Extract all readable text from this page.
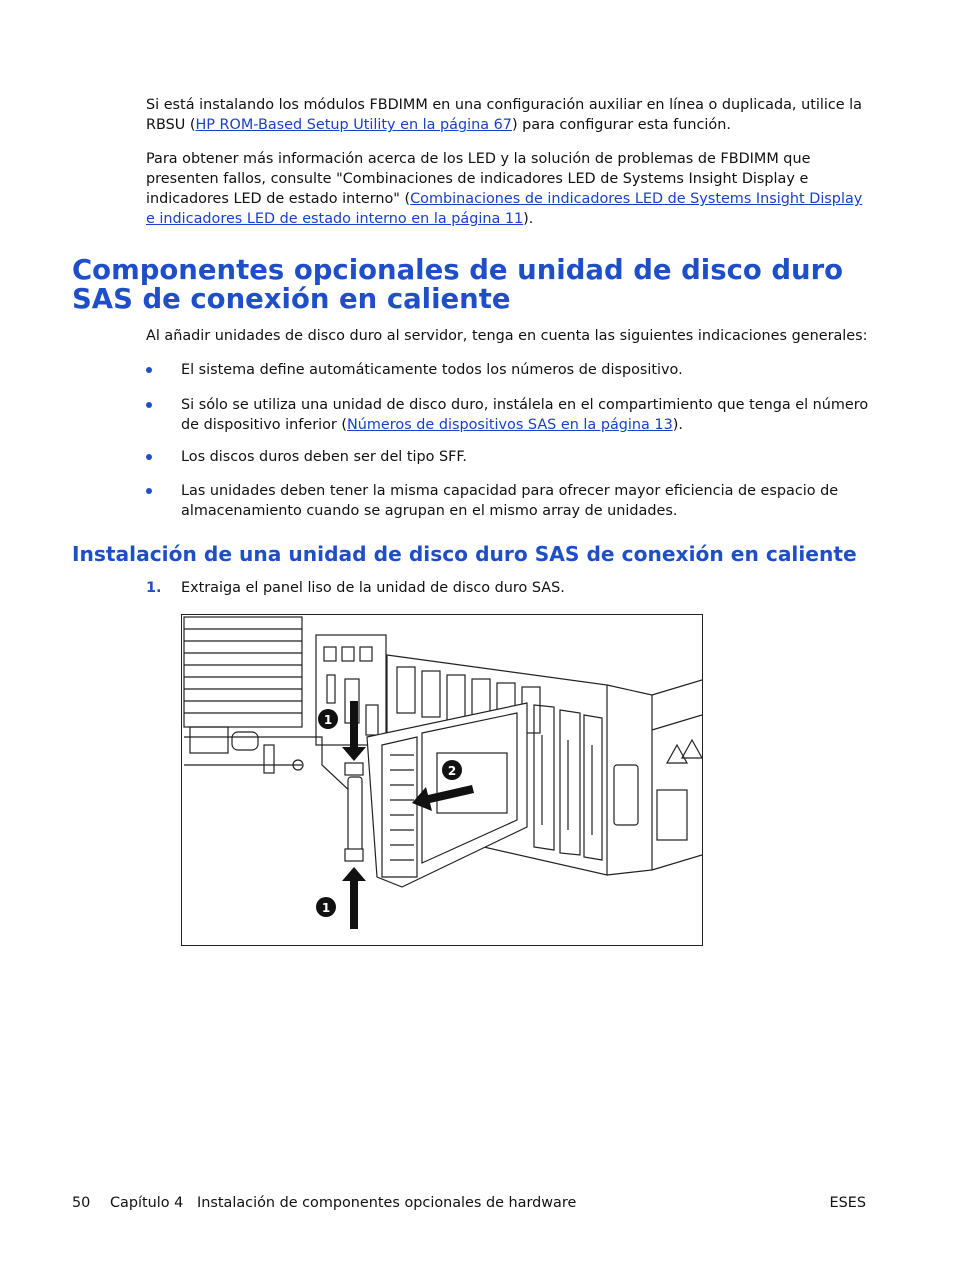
Si está instalando los módulos FBDIMM en una configuración auxiliar en línea o duplicada, utilice la RBSU (HP ROM-Based Setup Utility en la página 67) para configurar esta función.

Para obtener más información acerca de los LED y la solución de problemas de FBDIMM que presenten fallos, consulte "Combinaciones de indicadores LED de Systems Insight Display e indicadores LED de estado interno" (Combinaciones de indicadores LED de Systems Insight Display e indicadores LED de estado interno en la página 11).

Componentes opcionales de unidad de disco duro SAS de conexión en caliente

Al añadir unidades de disco duro al servidor, tenga en cuenta las siguientes indicaciones generales:

El sistema define automáticamente todos los números de dispositivo.

Si sólo se utiliza una unidad de disco duro, instálela en el compartimiento que tenga el número de dispositivo inferior (Números de dispositivos SAS en la página 13).

Los discos duros deben ser del tipo SFF.

Las unidades deben tener la misma capacidad para ofrecer mayor eficiencia de espacio de almacenamiento cuando se agrupan en el mismo array de unidades.

Instalación de una unidad de disco duro SAS de conexión en caliente
1. Extraiga el panel liso de la unidad de disco duro SAS.

1
2
1
50 Capítulo 4   Instalación de componentes opcionales de hardware	ESES
